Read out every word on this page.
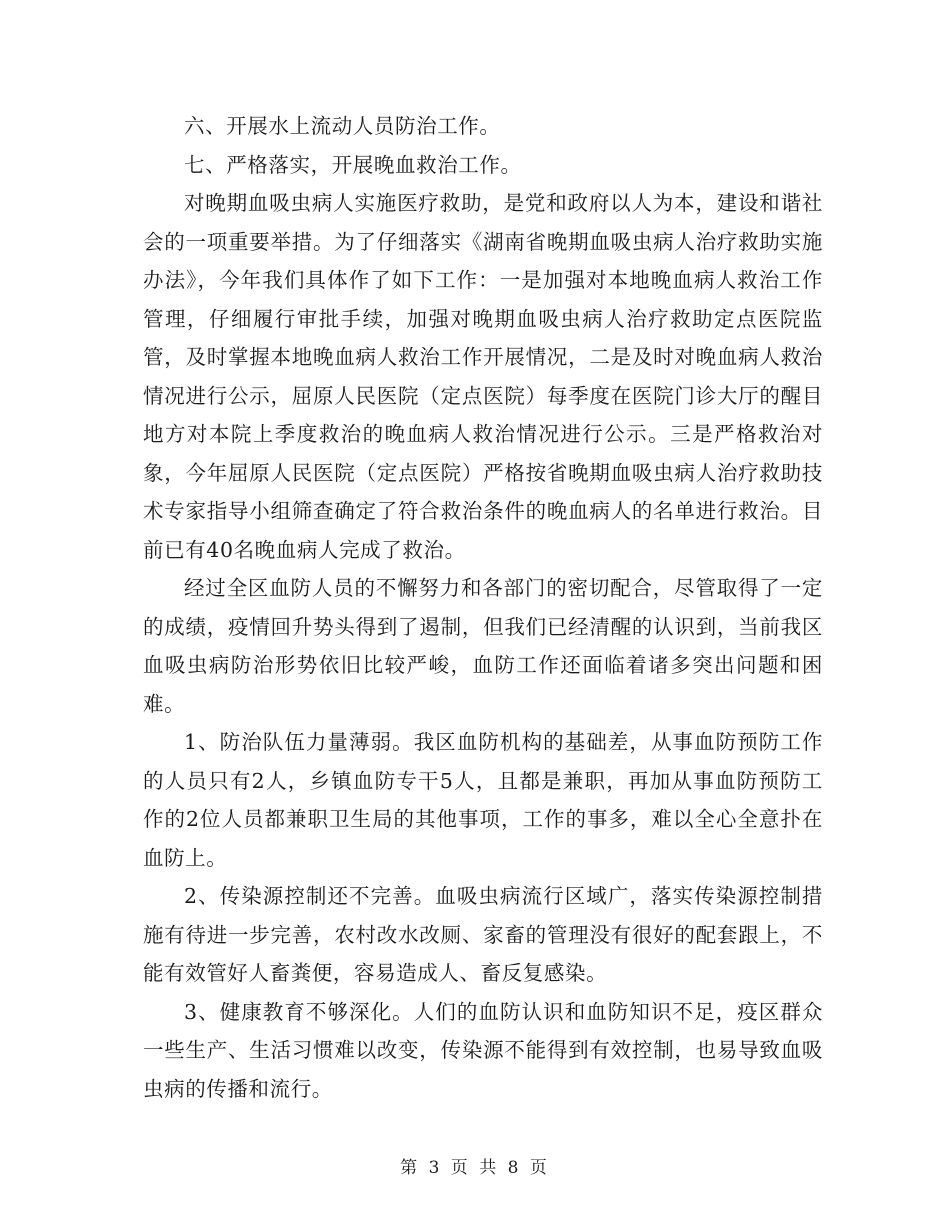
六、开展水上流动人员防治工作。

七、严格落实，开展晚血救治工作。

对晚期血吸虫病人实施医疗救助，是党和政府以人为本，建设和谐社会的一项重要举措。为了仔细落实《湖南省晚期血吸虫病人治疗救助实施办法》，今年我们具体作了如下工作：一是加强对本地晚血病人救治工作管理，仔细履行审批手续，加强对晚期血吸虫病人治疗救助定点医院监管，及时掌握本地晚血病人救治工作开展情况，二是及时对晚血病人救治情况进行公示，屈原人民医院（定点医院）每季度在医院门诊大厅的醒目地方对本院上季度救治的晚血病人救治情况进行公示。三是严格救治对象，今年屈原人民医院（定点医院）严格按省晚期血吸虫病人治疗救助技术专家指导小组筛查确定了符合救治条件的晚血病人的名单进行救治。目前已有40名晚血病人完成了救治。

经过全区血防人员的不懈努力和各部门的密切配合，尽管取得了一定的成绩，疫情回升势头得到了遏制，但我们已经清醒的认识到，当前我区血吸虫病防治形势依旧比较严峻，血防工作还面临着诸多突出问题和困难。

1、防治队伍力量薄弱。我区血防机构的基础差，从事血防预防工作的人员只有2人，乡镇血防专干5人，且都是兼职，再加从事血防预防工作的2位人员都兼职卫生局的其他事项，工作的事多，难以全心全意扑在血防上。

2、传染源控制还不完善。血吸虫病流行区域广，落实传染源控制措施有待进一步完善，农村改水改厕、家畜的管理没有很好的配套跟上，不能有效管好人畜粪便，容易造成人、畜反复感染。

3、健康教育不够深化。人们的血防认识和血防知识不足，疫区群众一些生产、生活习惯难以改变，传染源不能得到有效控制，也易导致血吸虫病的传播和流行。

第 3 页 共 8 页
